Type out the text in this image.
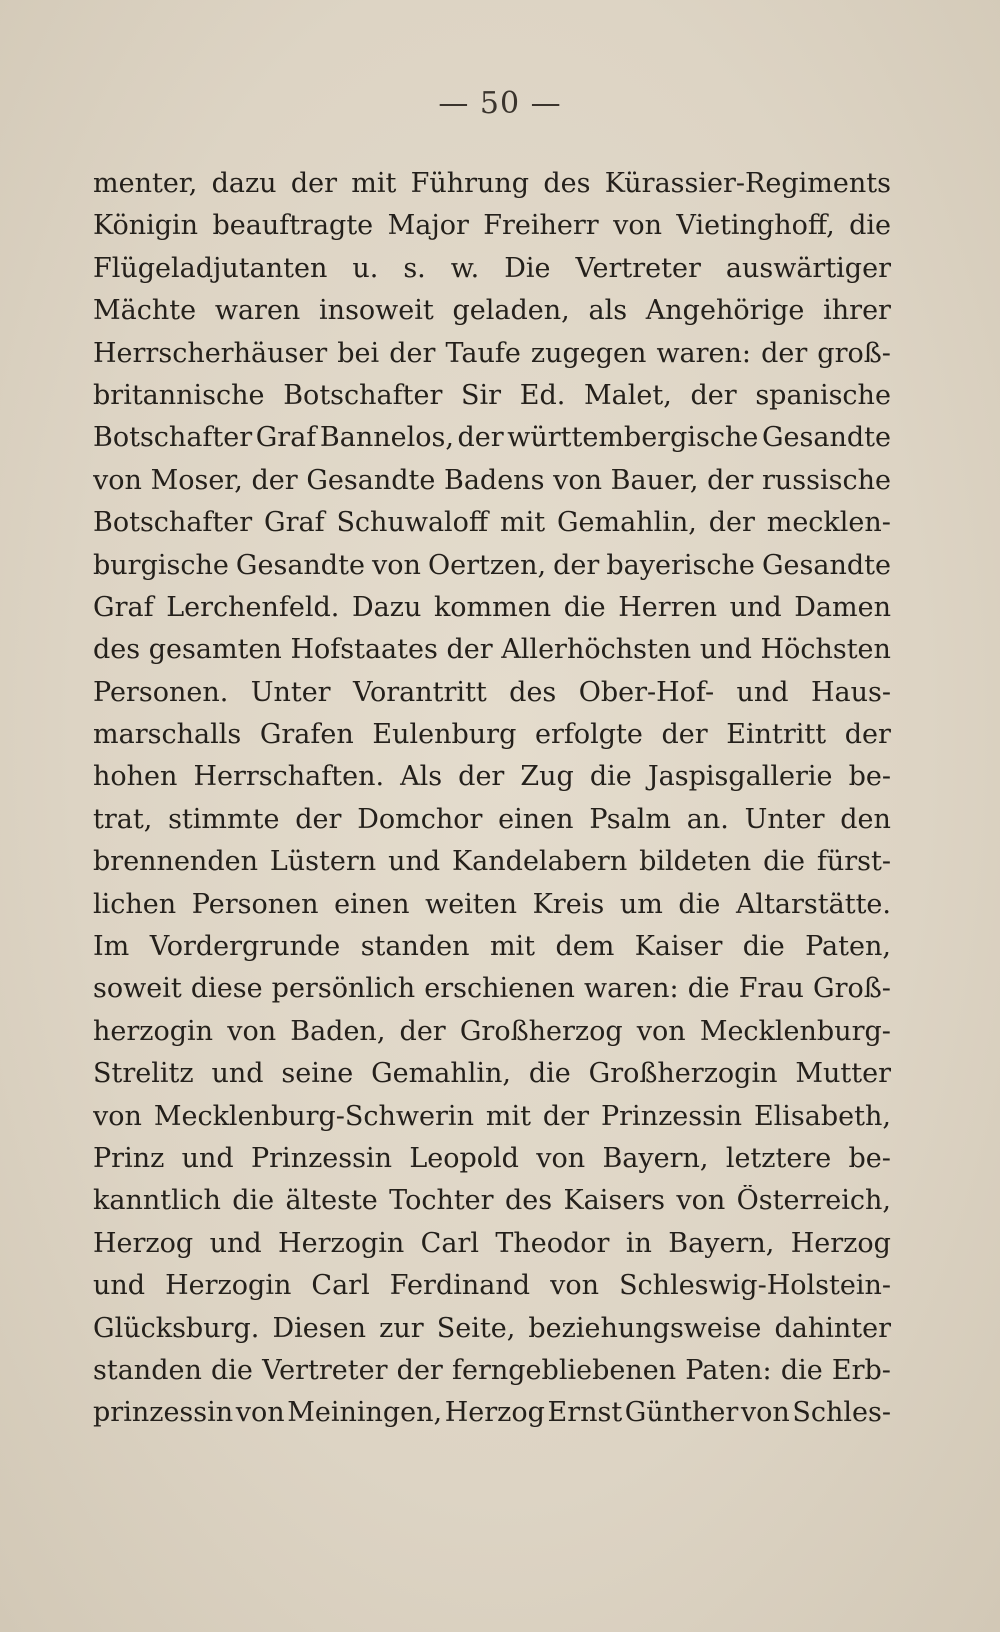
— 50 —
menter, dazu der mit Führung des Kürassier-Regiments
Königin beauftragte Major Freiherr von Vietinghoff, die
Flügeladjutanten u. s. w. Die Vertreter auswärtiger
Mächte waren insoweit geladen, als Angehörige ihrer
Herrscherhäuser bei der Taufe zugegen waren: der groß-
britannische Botschafter Sir Ed. Malet, der spanische
Botschafter Graf Bannelos, der württembergische Gesandte
von Moser, der Gesandte Badens von Bauer, der russische
Botschafter Graf Schuwaloff mit Gemahlin, der mecklen-
burgische Gesandte von Oertzen, der bayerische Gesandte
Graf Lerchenfeld. Dazu kommen die Herren und Damen
des gesamten Hofstaates der Allerhöchsten und Höchsten
Personen. Unter Vorantritt des Ober-Hof- und Haus-
marschalls Grafen Eulenburg erfolgte der Eintritt der
hohen Herrschaften. Als der Zug die Jaspisgallerie be-
trat, stimmte der Domchor einen Psalm an. Unter den
brennenden Lüstern und Kandelabern bildeten die fürst-
lichen Personen einen weiten Kreis um die Altarstätte.
Im Vordergrunde standen mit dem Kaiser die Paten,
soweit diese persönlich erschienen waren: die Frau Groß-
herzogin von Baden, der Großherzog von Mecklenburg-
Strelitz und seine Gemahlin, die Großherzogin Mutter
von Mecklenburg-Schwerin mit der Prinzessin Elisabeth,
Prinz und Prinzessin Leopold von Bayern, letztere be-
kanntlich die älteste Tochter des Kaisers von Österreich,
Herzog und Herzogin Carl Theodor in Bayern, Herzog
und Herzogin Carl Ferdinand von Schleswig-Holstein-
Glücksburg. Diesen zur Seite, beziehungsweise dahinter
standen die Vertreter der ferngebliebenen Paten: die Erb-
prinzessin von Meiningen, Herzog Ernst Günther von Schles-
